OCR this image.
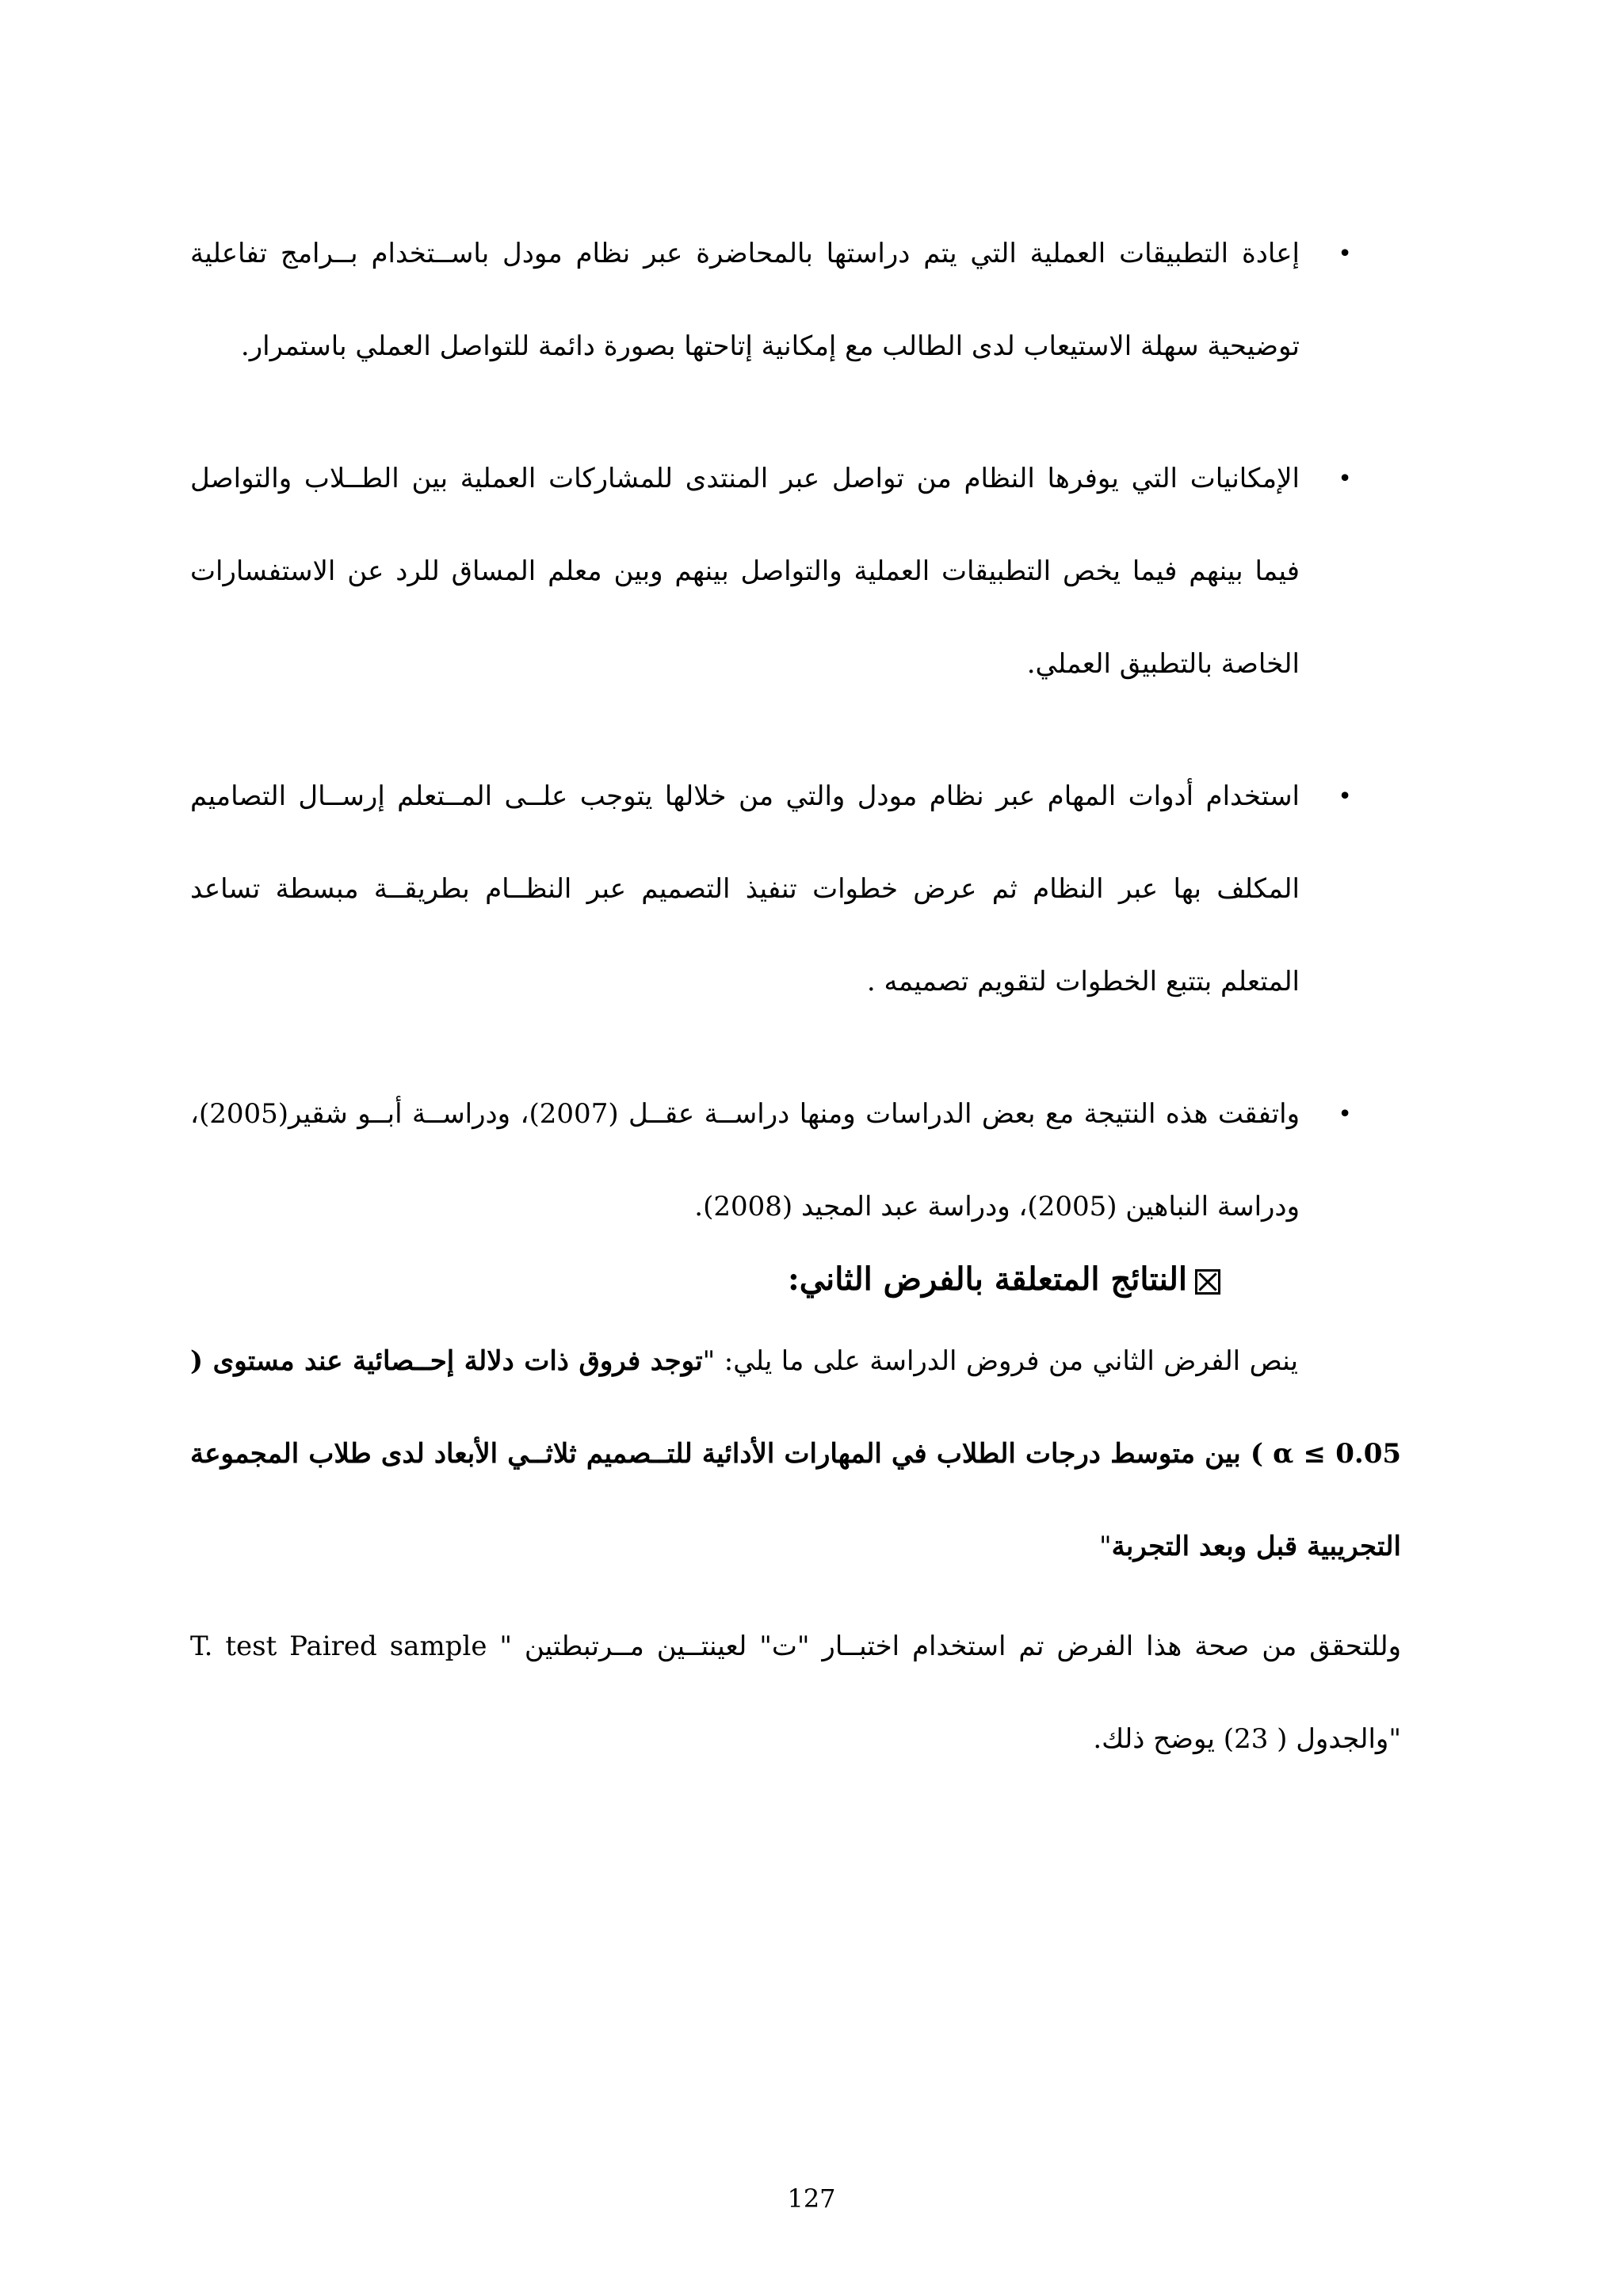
•
إعادة التطبيقات العملية التي يتم دراستها بالمحاضرة عبر نظام مودل باســتخدام بــرامج تفاعلية توضيحية سهلة الاستيعاب لدى الطالب مع إمكانية إتاحتها بصورة دائمة للتواصل العملي باستمرار.
•
الإمكانيات التي يوفرها النظام من تواصل عبر المنتدى للمشاركات العملية بين الطــلاب والتواصل فيما بينهم فيما يخص التطبيقات العملية والتواصل بينهم وبين معلم المساق للرد عن الاستفسارات الخاصة بالتطبيق العملي.
•
استخدام أدوات المهام عبر نظام مودل والتي من خلالها يتوجب علــى المــتعلم إرســال التصاميم المكلف بها عبر النظام ثم عرض خطوات تنفيذ التصميم عبر النظــام بطريقــة مبسطة تساعد المتعلم بتتبع الخطوات لتقويم تصميمه .
•
واتفقت هذه النتيجة مع بعض الدراسات ومنها دراســة عقــل (2007)، ودراســة أبــو شقير(2005)، ودراسة النباهين (2005)، ودراسة عبد المجيد (2008).
النتائج المتعلقة بالفرض الثاني:

ينص الفرض الثاني من فروض الدراسة على ما يلي: "توجد فروق ذات دلالة إحــصائية عند مستوى ( α ≤ 0.05 ) بين متوسط درجات الطلاب في المهارات الأدائية للتــصميم ثلاثــي الأبعاد لدى طلاب المجموعة التجريبية قبل وبعد التجربة"

وللتحقق من صحة هذا الفرض تم استخدام اختبــار "ت" لعينتــين مــرتبطتين " T. test Paired sample "والجدول ( 23) يوضح ذلك.

127
